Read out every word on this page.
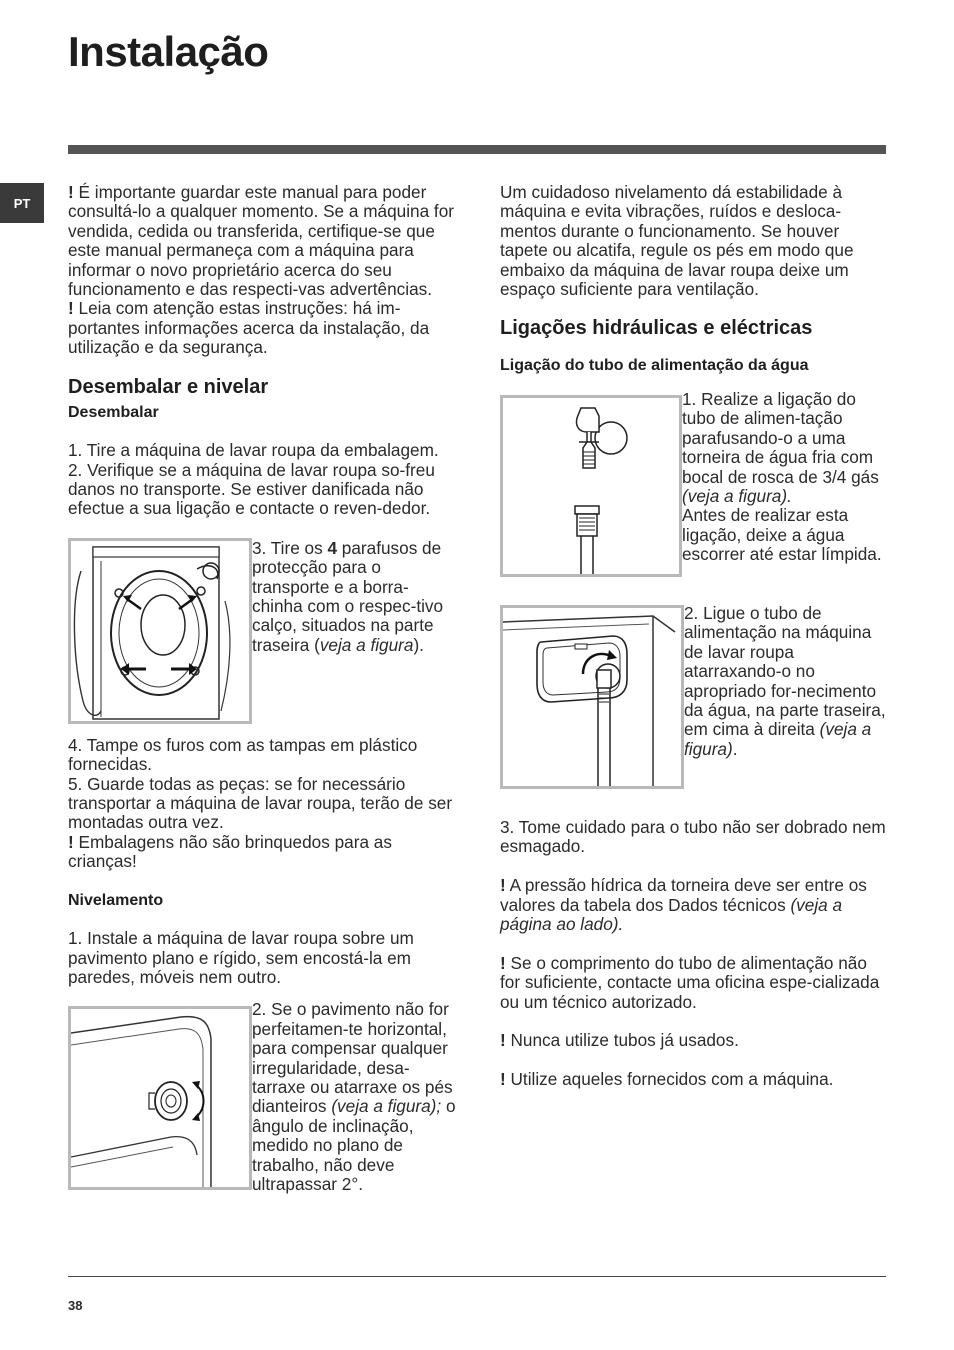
Instalação
PT

! É importante guardar este manual para poder consultá-lo a qualquer momento. Se a máquina for vendida, cedida ou transferida, certifique-se que este manual permaneça com a máquina para informar o novo proprietário acerca do seu funcionamento e das respecti-vas advertências.

! Leia com atenção estas instruções: há im-portantes informações acerca da instalação, da utilização e da segurança.

Desembalar e nivelar
Desembalar

1. Tire a máquina de lavar roupa da embalagem.

2. Verifique se a máquina de lavar roupa so-freu danos no transporte. Se estiver danificada não efectue a sua ligação e contacte o reven-dedor.

3. Tire os 4 parafusos de protecção para o transporte e a borra-chinha com o respec-tivo calço, situados na parte traseira (veja a figura).

4. Tampe os furos com as tampas em plástico fornecidas.

5. Guarde todas as peças: se for necessário transportar a máquina de lavar roupa, terão de ser montadas outra vez.

! Embalagens não são brinquedos para as crianças!

Nivelamento

1. Instale a máquina de lavar roupa sobre um pavimento plano e rígido, sem encostá-la em paredes, móveis nem outro.

2. Se o pavimento não for perfeitamen-te horizontal, para compensar qualquer irregularidade, desa-tarraxe ou atarraxe os pés dianteiros (veja a figura); o ângulo de inclinação, medido no plano de trabalho, não deve ultrapassar 2°.

Um cuidadoso nivelamento dá estabilidade à máquina e evita vibrações, ruídos e desloca-mentos durante o funcionamento. Se houver tapete ou alcatifa, regule os pés em modo que embaixo da máquina de lavar roupa deixe um espaço suficiente para ventilação.

Ligações hidráulicas e eléctricas
Ligação do tubo de alimentação da água

1. Realize a ligação do tubo de alimen-tação parafusando-o a uma torneira de água fria com bocal de rosca de 3/4 gás (veja a figura).
Antes de realizar esta ligação, deixe a água escorrer até estar límpida.

2. Ligue o tubo de alimentação na máquina de lavar roupa atarraxando-o no apropriado for-necimento da água, na parte traseira, em cima à direita (veja a figura).

3. Tome cuidado para o tubo não ser dobrado nem esmagado.

! A pressão hídrica da torneira deve ser entre os valores da tabela dos Dados técnicos (veja a página ao lado).

! Se o comprimento do tubo de alimentação não for suficiente, contacte uma oficina espe-cializada ou um técnico autorizado.

! Nunca utilize tubos já usados.

! Utilize aqueles fornecidos com a máquina.

38
